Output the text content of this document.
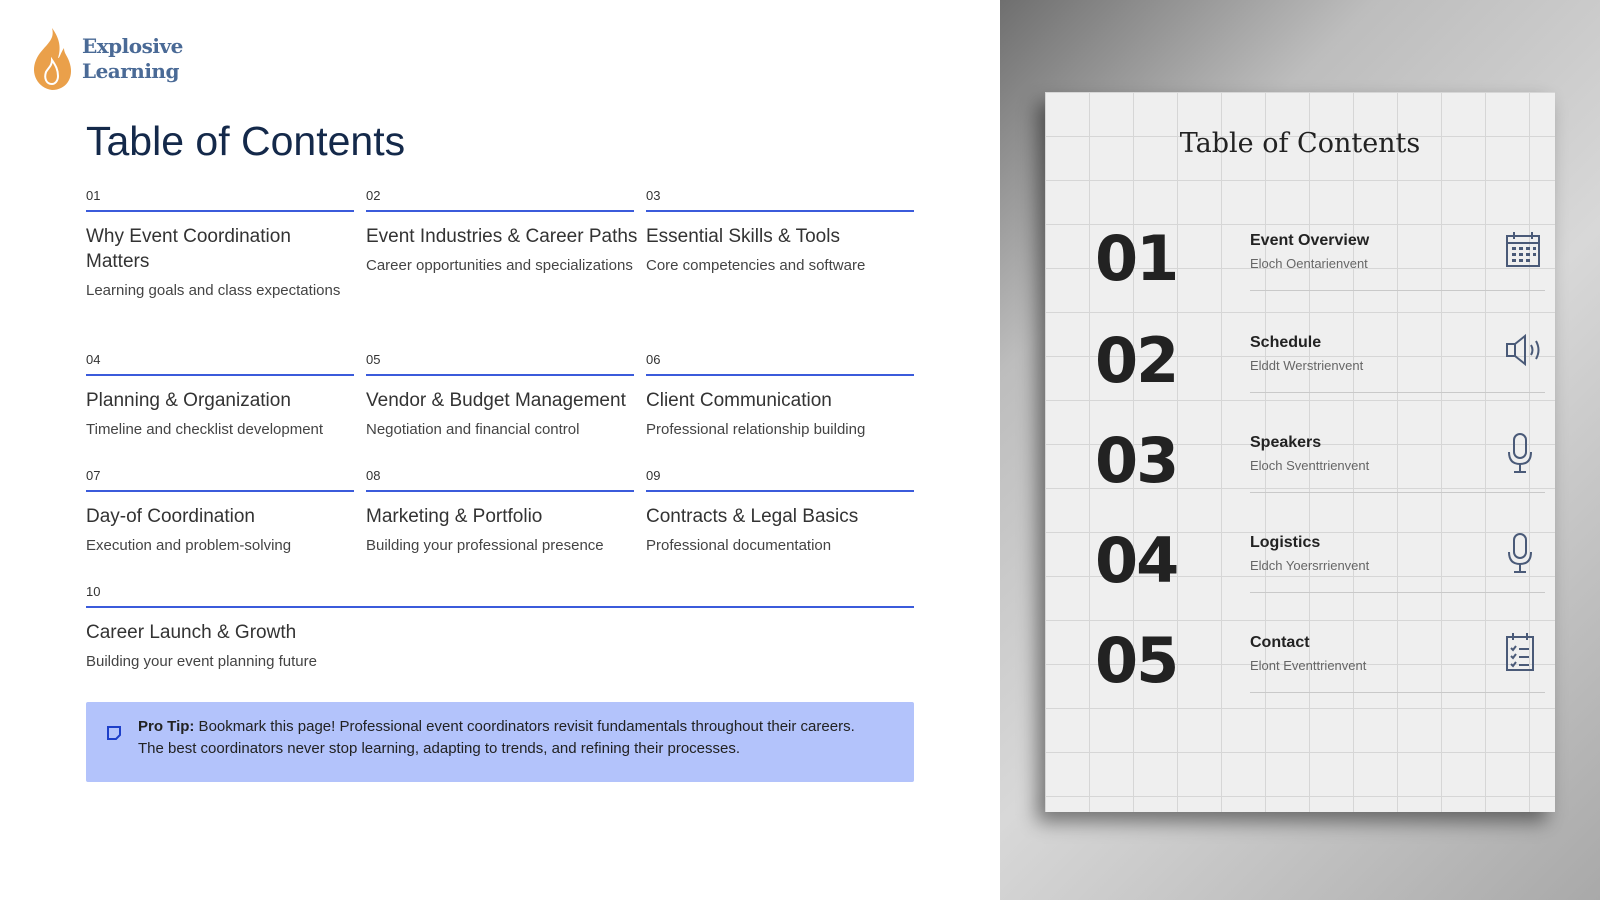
Explosive
Learning
Table of Contents
01
Why Event Coordination Matters
Learning goals and class expectations
02
Event Industries & Career Paths
Career opportunities and specializations
03
Essential Skills & Tools
Core competencies and software
04
Planning & Organization
Timeline and checklist development
05
Vendor & Budget Management
Negotiation and financial control
06
Client Communication
Professional relationship building
07
Day-of Coordination
Execution and problem-solving
08
Marketing & Portfolio
Building your professional presence
09
Contracts & Legal Basics
Professional documentation
10
Career Launch & Growth
Building your event planning future
Pro Tip: Bookmark this page! Professional event coordinators revisit fundamentals throughout their careers. The best coordinators never stop learning, adapting to trends, and refining their processes.
Table of Contents
01	Event Overview
Eloch Oentarienvent
02	Schedule
Elddt Werstrienvent
03	Speakers
Eloch Sventtrienvent
04	Logistics
Eldch Yoersrrienvent
05	Contact
Elont Eventtrienvent
